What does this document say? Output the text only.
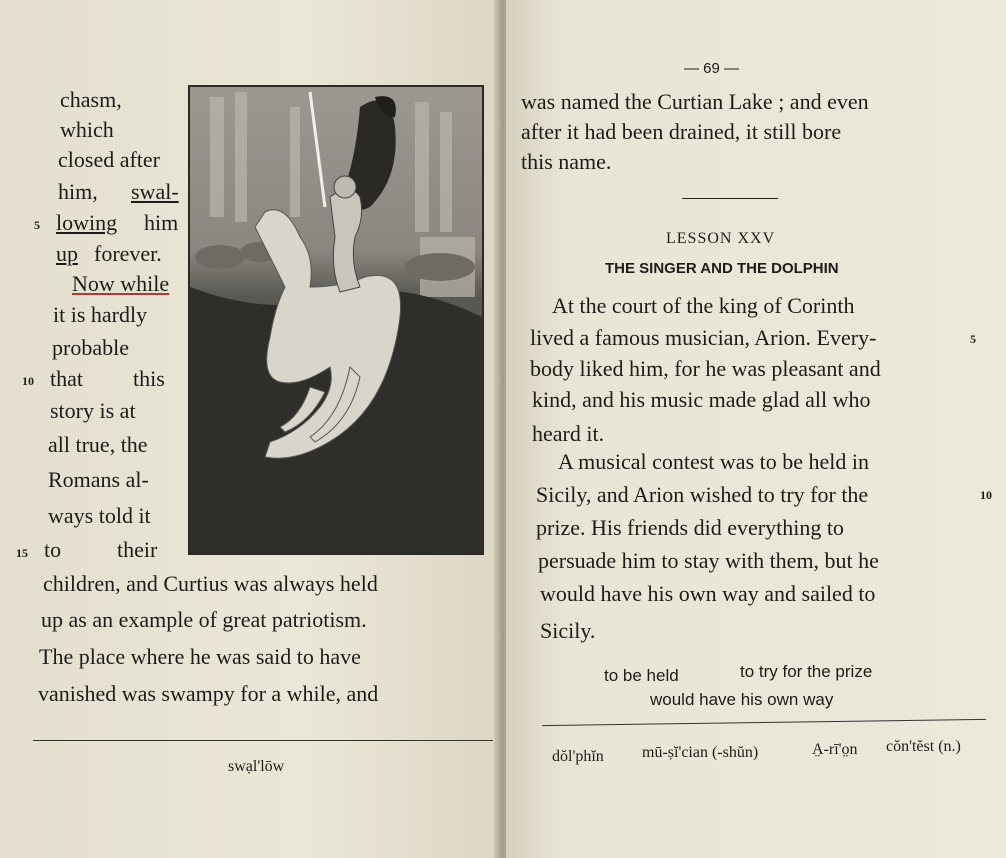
chasm,
which
closed after
him, swal-
5 lowing him
up forever.
Now while
it is hardly
probable
10 that this
story is at
all true, the
Romans al-
ways told it
15 to	their
children, and Curtius was always held
up as an example of great patriotism.
The place where he was said to have
vanished was swampy for a while, and
swạl'lōw
— 69 —
was named the Curtian Lake ; and even
after it had been drained, it still bore
this name.
LESSON XXV
THE SINGER AND THE DOLPHIN
At the court of the king of Corinth
lived a famous musician, Arion. Every-	5
body liked him, for he was pleasant and
kind, and his music made glad all who
heard it.
A musical contest was to be held in
Sicily, and Arion wished to try for the	10
prize. His friends did everything to
persuade him to stay with them, but he
would have his own way and sailed to
Sicily.
to be held	to try for the prize
would have his own way
dŏl'phĭn mū-ṣĭ'cian (-shŭn)	A̤-rī'o̤n cŏn'tĕst (n.)
